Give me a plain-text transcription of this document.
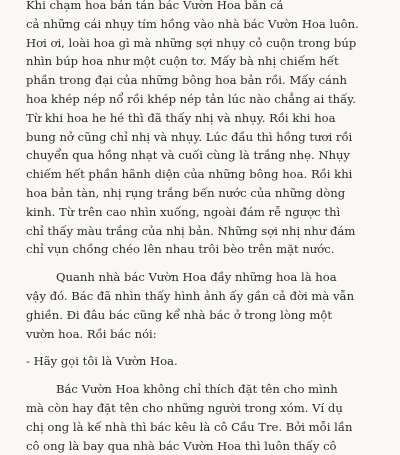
Khi chạm hoa bản tán bác Vườn Hoa bằn cả
cả những cái nhụy tím hồng vào nhà bác Vườn Hoa luôn.
Hơi ơi, loài hoa gì mà những sợi nhụy cỏ cuộn trong búp
nhìn búp hoa như một cuộn tơ. Mấy bà nhị chiếm hết
phần trong đại của những bông hoa bản rồi. Mấy cánh
hoa khép nép nổ rồi khép nép tản lúc nào chẳng ai thấy.
Từ khi hoa he hé thì đã thấy nhị và nhụy. Rồi khi hoa
bung nở cũng chỉ nhị và nhụy. Lúc đầu thì hồng tươi rồi
chuyển qua hồng nhạt và cuối cùng là trắng nhẹ. Nhụy
chiếm hết phần hãnh diện của những bông hoa. Rồi khi
hoa bản tàn, nhị rụng trắng bến nước của những dòng
kinh. Từ trên cao nhìn xuống, ngoài đám rễ ngược thì
chỉ thấy màu trắng của nhị bản. Những sợi nhị như đám
chỉ vụn chồng chéo lên nhau trôi bèo trên mặt nước.
Quanh nhà bác Vườn Hoa đầy những hoa là hoa
vậy đó. Bác đã nhìn thấy hình ảnh ấy gần cả đời mà vẫn
ghiền. Đi đâu bác cũng kể nhà bác ở trong lòng một
vườn hoa. Rồi bác nói:
- Hãy gọi tôi là Vườn Hoa.
Bác Vườn Hoa không chỉ thích đặt tên cho mình
mà còn hay đặt tên cho những người trong xóm. Ví dụ
chị ong là kế nhà thì bác kêu là cô Cầu Tre. Bởi mỗi lần
cô ong là bay qua nhà bác Vườn Hoa thì luôn thấy cô
